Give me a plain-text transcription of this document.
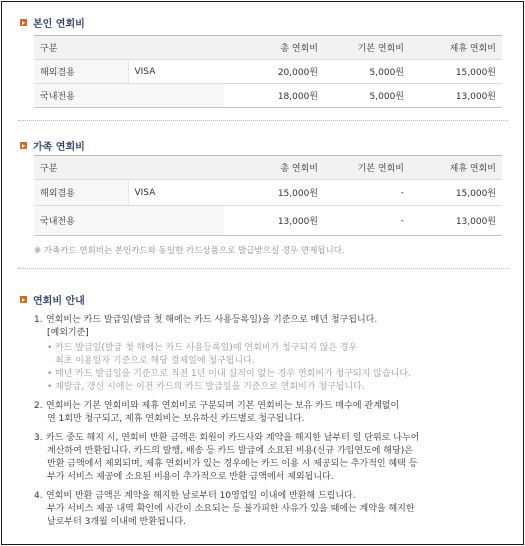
본인 연회비
구분		총 연회비	기본 연회비	제휴 연회비
해외겸용	VISA	20,000원	5,000원	15,000원
국내전용		18,000원	5,000원	13,000원
가족 연회비
구분		총 연회비	기본 연회비	제휴 연회비
해외겸용	VISA	15,000원	-	15,000원
국내전용		13,000원	-	13,000원
※ 가족카드 연회비는 본인카드와 동일한 카드상품으로 발급받으실 경우 면제됩니다.
연회비 안내
1. 연회비는 카드 발급일(발급 첫 해에는 카드 사용등록일)을 기준으로 매년 청구됩니다.
[예외기준]
• 카드 발급일(발급 첫 해에는 카드 사용등록일)에 연회비가 청구되지 않은 경우
최초 이용일자 기준으로 해당 결제일에 청구됩니다.
• 매년 카드 발급일을 기준으로 직전 1년 이내 실적이 없는 경우 연회비가 청구되지 않습니다.
• 재발급, 갱신 시에는 이전 카드의 카드 발급일을 기준으로 연회비가 청구됩니다.
2. 연회비는 기본 연회비와 제휴 연회비로 구분되며 기본 연회비는 보유 카드 매수에 관계없이
연 1회만 청구되고, 제휴 연회비는 보유하신 카드별로 청구됩니다.
3. 카드 중도 해지 시, 연회비 반환 금액은 회원이 카드사와 계약을 해지한 날부터 일 단위로 나누어
계산하여 반환됩니다. 카드의 발행, 배송 등 카드 발급에 소요된 비용(신규 가입연도에 해당)은
반환 금액에서 제외되며, 제휴 연회비가 있는 경우에는 카드 이용 시 제공되는 추가적인 혜택 등
부가 서비스 제공에 소요된 비용이 추가적으로 반환 금액에서 제외됩니다.
4. 연회비 반환 금액은 계약을 해지한 날로부터 10영업일 이내에 반환해 드립니다.
부가 서비스 제공 내역 확인에 시간이 소요되는 등 불가피한 사유가 있을 때에는 계약을 해지한
날로부터 3개월 이내에 반환됩니다.
